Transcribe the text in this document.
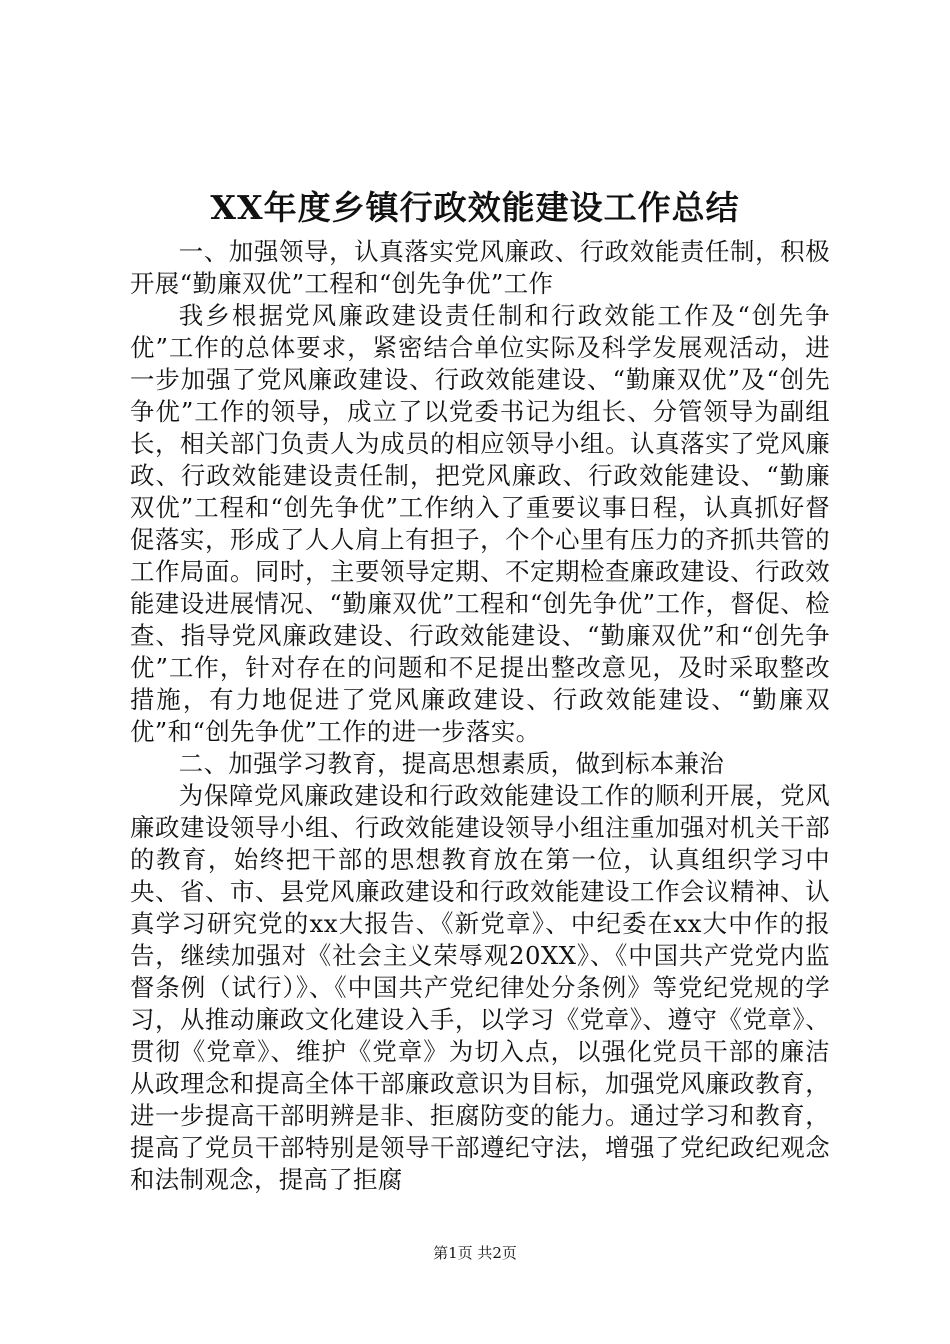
XX年度乡镇行政效能建设工作总结

一、加强领导，认真落实党风廉政、行政效能责任制，积极开展“勤廉双优”工程和“创先争优”工作

我乡根据党风廉政建设责任制和行政效能工作及“创先争优”工作的总体要求，紧密结合单位实际及科学发展观活动，进一步加强了党风廉政建设、行政效能建设、“勤廉双优”及“创先争优”工作的领导，成立了以党委书记为组长、分管领导为副组长，相关部门负责人为成员的相应领导小组。认真落实了党风廉政、行政效能建设责任制，把党风廉政、行政效能建设、“勤廉双优”工程和“创先争优”工作纳入了重要议事日程，认真抓好督促落实，形成了人人肩上有担子，个个心里有压力的齐抓共管的工作局面。同时，主要领导定期、不定期检查廉政建设、行政效能建设进展情况、“勤廉双优”工程和“创先争优”工作，督促、检查、指导党风廉政建设、行政效能建设、“勤廉双优”和“创先争优”工作，针对存在的问题和不足提出整改意见，及时采取整改措施，有力地促进了党风廉政建设、行政效能建设、“勤廉双优”和“创先争优”工作的进一步落实。

二、加强学习教育，提高思想素质，做到标本兼治

为保障党风廉政建设和行政效能建设工作的顺利开展，党风廉政建设领导小组、行政效能建设领导小组注重加强对机关干部的教育，始终把干部的思想教育放在第一位，认真组织学习中央、省、市、县党风廉政建设和行政效能建设工作会议精神、认真学习研究党的xx大报告、《新党章》、中纪委在xx大中作的报告，继续加强对《社会主义荣辱观20XX》、《中国共产党党内监督条例（试行）》、《中国共产党纪律处分条例》等党纪党规的学习，从推动廉政文化建设入手，以学习《党章》、遵守《党章》、贯彻《党章》、维护《党章》为切入点，以强化党员干部的廉洁从政理念和提高全体干部廉政意识为目标，加强党风廉政教育，进一步提高干部明辨是非、拒腐防变的能力。通过学习和教育，提高了党员干部特别是领导干部遵纪守法，增强了党纪政纪观念和法制观念，提高了拒腐

第1页 共2页
